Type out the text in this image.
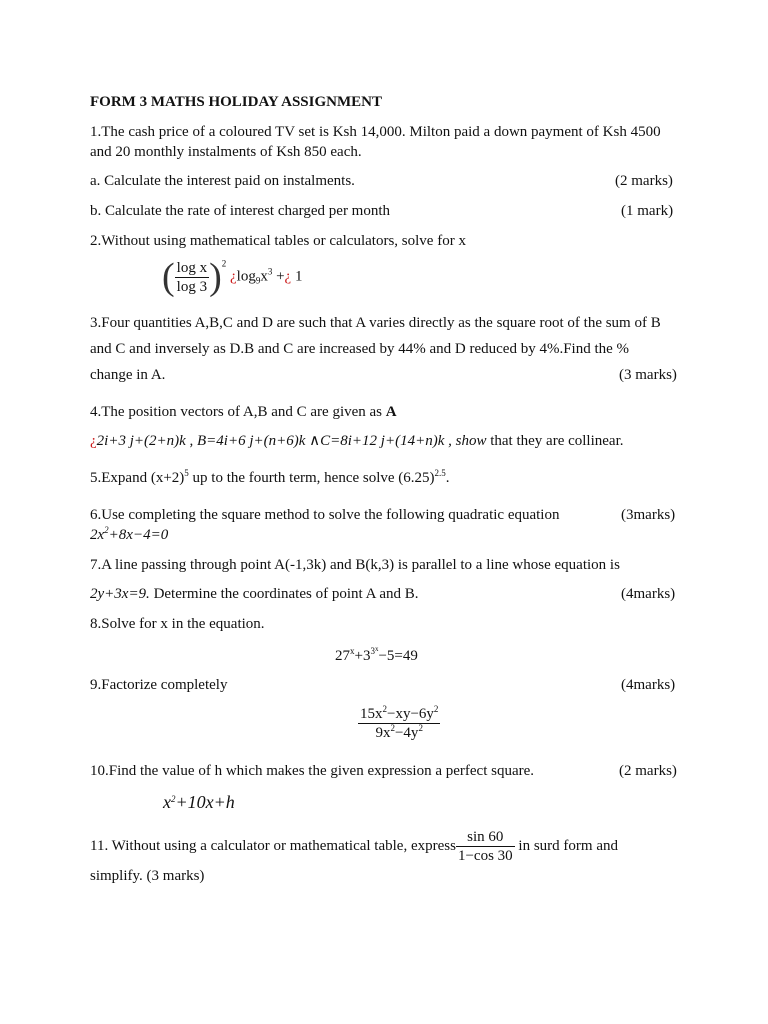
FORM 3 MATHS HOLIDAY ASSIGNMENT
1.The cash price of a coloured TV set is Ksh 14,000. Milton paid a down payment of Ksh 4500
and 20 monthly instalments of Ksh 850 each.
a. Calculate the interest paid on instalments.	(2 marks)
b. Calculate the rate of interest charged per month	(1 mark)
2.Without using mathematical tables or calculators, solve for x
( $\frac{\text{log x}}{\log 3} )^2$ ¿$\log_9x^3$ +¿ 1
3.Four quantities A,B,C and D are such that A varies directly as the square root of the sum of B
and C and inversely as D.B and C are increased by 44% and D reduced by 4%.Find the %
change in A.	(3 marks)
4.The position vectors of A,B and C are given as A
¿2i+3 j+(2+n)k , B=4i+6 j+(n+6)k ∧C=8i+12 j+(14+n)k , show that they are collinear.
5.Expand $(x+2)^5$ up to the fourth term, hence solve $(6.25)^{2.5}$.
6.Use completing the square method to solve the following quadratic equation	(3marks)
$2x^2+8x-4=0$
7.A line passing through point A(-1,3k) and B(k,3) is parallel to a line whose equation is
2y+3x=9. Determine the coordinates of point A and B.	(4marks)
8.Solve for x in the equation.
$27^x+3^{3^x}-5=49$
9.Factorize completely	(4marks)
$\frac{15x^2-xy-6y^2}{9x^2-4y^2}$
10.Find the value of h which makes the given expression a perfect square.	(2 marks)
$x^2+10x+h$
11. Without using a calculator or mathematical table, express $\frac{\sin 60}{1-\cos 30}$ in surd form and
simplify. (3 marks)
